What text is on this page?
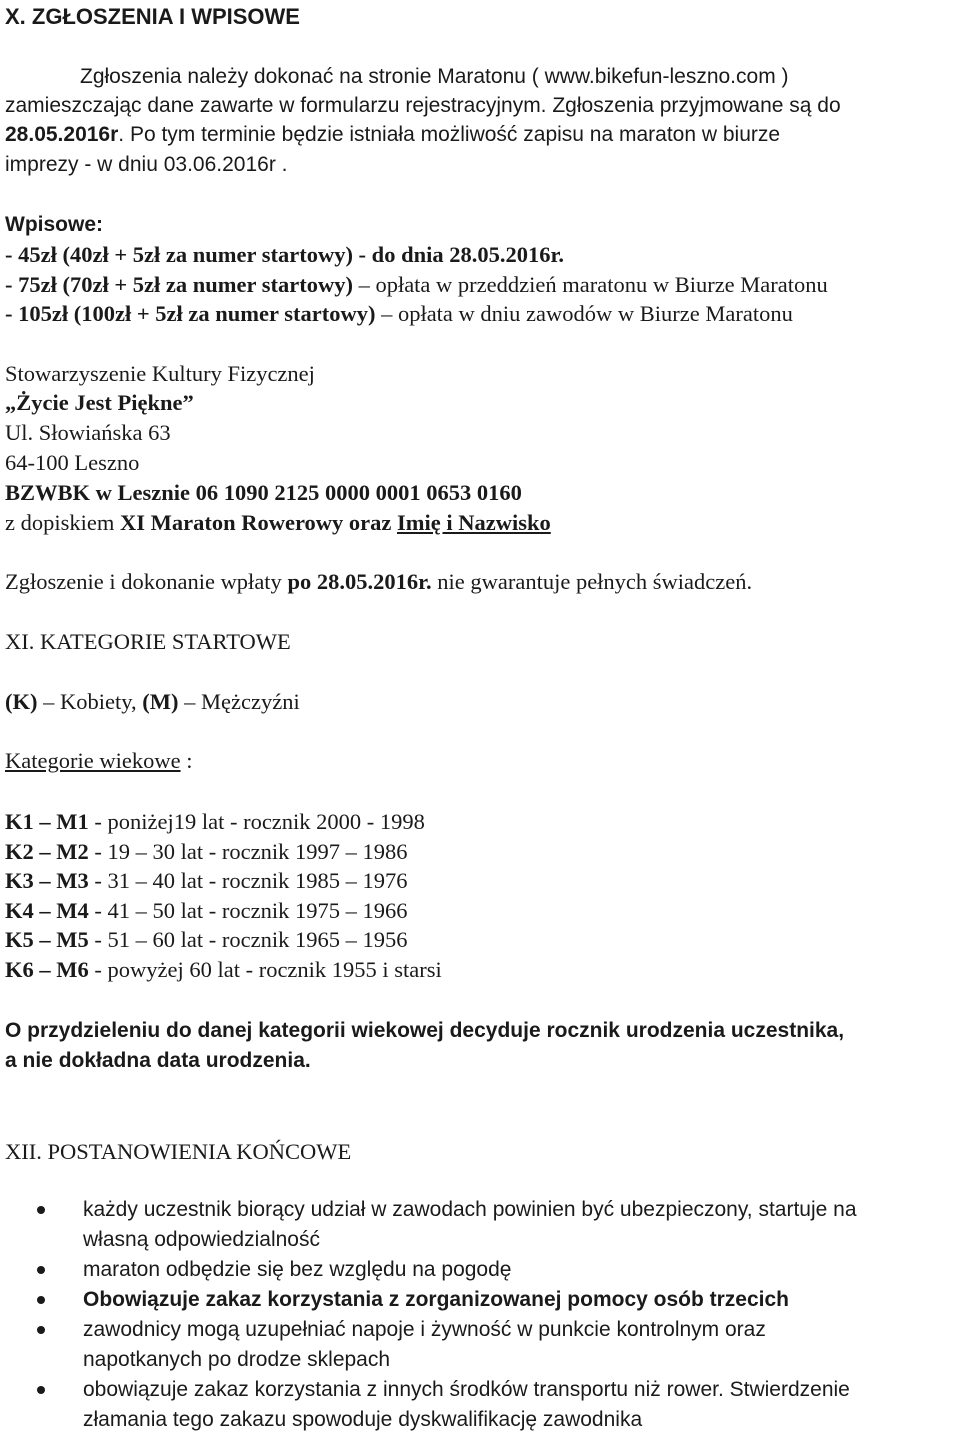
X. ZGŁOSZENIA I WPISOWE
Zgłoszenia należy dokonać na stronie Maratonu ( www.bikefun-leszno.com )
zamieszczając dane zawarte w formularzu rejestracyjnym. Zgłoszenia przyjmowane są do
28.05.2016r. Po tym terminie będzie istniała możliwość zapisu na maraton w biurze
imprezy - w dniu 03.06.2016r .
Wpisowe:
- 45zł (40zł + 5zł za numer startowy) - do dnia 28.05.2016r.
- 75zł (70zł + 5zł za numer startowy) – opłata w przeddzień maratonu w Biurze Maratonu
- 105zł (100zł + 5zł za numer startowy) – opłata w dniu zawodów w Biurze Maratonu
Stowarzyszenie Kultury Fizycznej
„Życie Jest Piękne”
Ul. Słowiańska 63
64-100 Leszno
BZWBK w Lesznie 06 1090 2125 0000 0001 0653 0160
z dopiskiem XI Maraton Rowerowy oraz Imię i Nazwisko
Zgłoszenie i dokonanie wpłaty po 28.05.2016r. nie gwarantuje pełnych świadczeń.
XI. KATEGORIE STARTOWE
(K) – Kobiety, (M) – Mężczyźni
Kategorie wiekowe :
K1 – M1 - poniżej19 lat - rocznik 2000 - 1998
K2 – M2 - 19 – 30 lat - rocznik 1997 – 1986
K3 – M3 - 31 – 40 lat - rocznik 1985 – 1976
K4 – M4 - 41 – 50 lat - rocznik 1975 – 1966
K5 – M5 - 51 – 60 lat - rocznik 1965 – 1956
K6 – M6 - powyżej 60 lat - rocznik 1955 i starsi
O przydzieleniu do danej kategorii wiekowej decyduje rocznik urodzenia uczestnika,
a nie dokładna data urodzenia.
XII. POSTANOWIENIA KOŃCOWE
każdy uczestnik biorący udział w zawodach powinien być ubezpieczony, startuje na
własną odpowiedzialność
maraton odbędzie się bez względu na pogodę
Obowiązuje zakaz korzystania z zorganizowanej pomocy osób trzecich
zawodnicy mogą uzupełniać napoje i żywność w punkcie kontrolnym oraz
napotkanych po drodze sklepach
obowiązuje zakaz korzystania z innych środków transportu niż rower. Stwierdzenie
złamania tego zakazu spowoduje dyskwalifikację zawodnika
